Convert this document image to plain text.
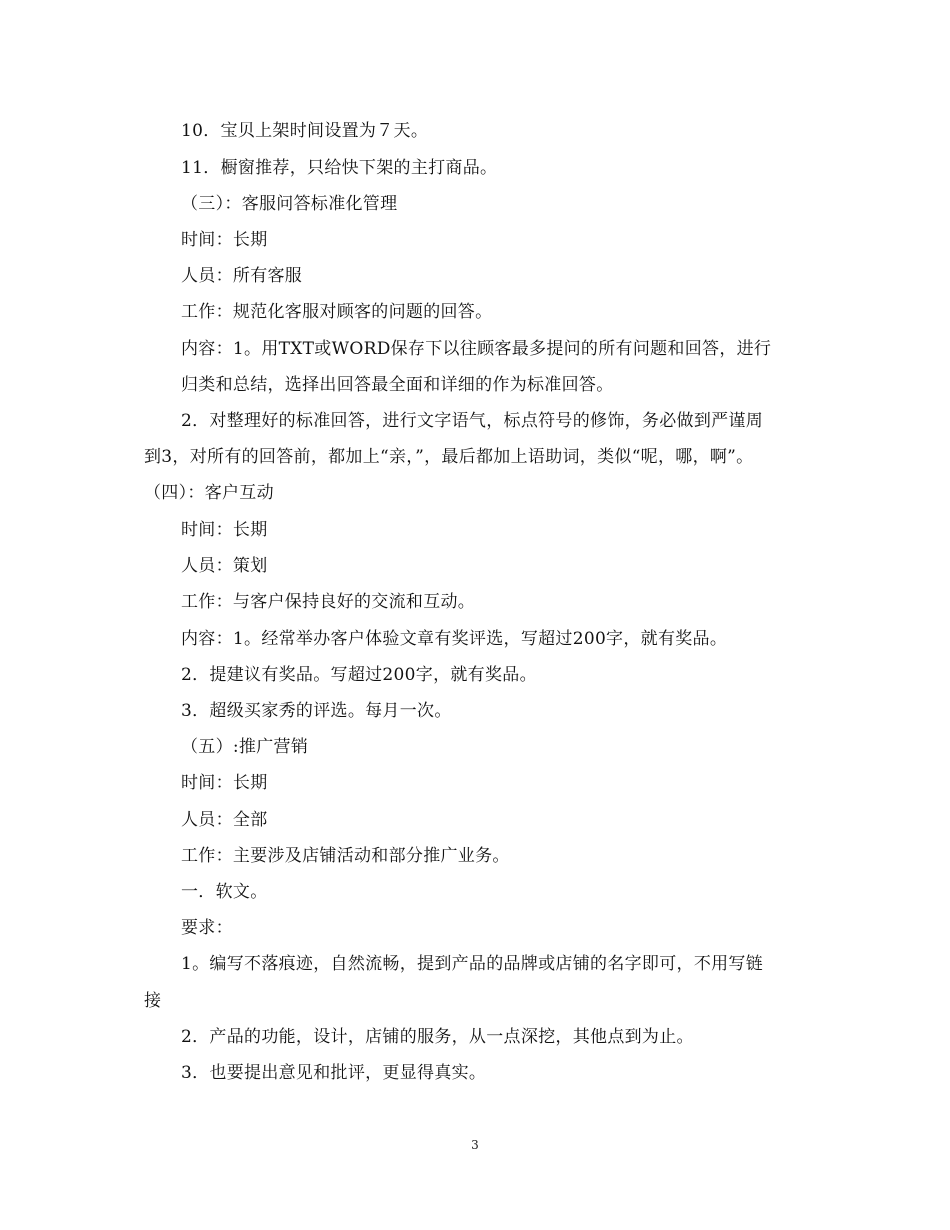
10．宝贝上架时间设置为７天。
11．橱窗推荐，只给快下架的主打商品。
（三）：客服问答标准化管理
时间：长期
人员：所有客服
工作：规范化客服对顾客的问题的回答。
内容：1。用TXT或WORD保存下以往顾客最多提问的所有问题和回答，进行
归类和总结，选择出回答最全面和详细的作为标准回答。
2．对整理好的标准回答，进行文字语气，标点符号的修饰，务必做到严谨周
到3，对所有的回答前，都加上“亲，”，最后都加上语助词，类似“呢，哪，啊”。
（四）：客户互动
时间：长期
人员：策划
工作：与客户保持良好的交流和互动。
内容：1。经常举办客户体验文章有奖评选，写超过200字，就有奖品。
2．提建议有奖品。写超过200字，就有奖品。
3．超级买家秀的评选。每月一次。
（五）:推广营销
时间：长期
人员：全部
工作：主要涉及店铺活动和部分推广业务。
一．软文。
要求：
1。编写不落痕迹，自然流畅，提到产品的品牌或店铺的名字即可，不用写链
接
2．产品的功能，设计，店铺的服务，从一点深挖，其他点到为止。
3．也要提出意见和批评，更显得真实。
3
